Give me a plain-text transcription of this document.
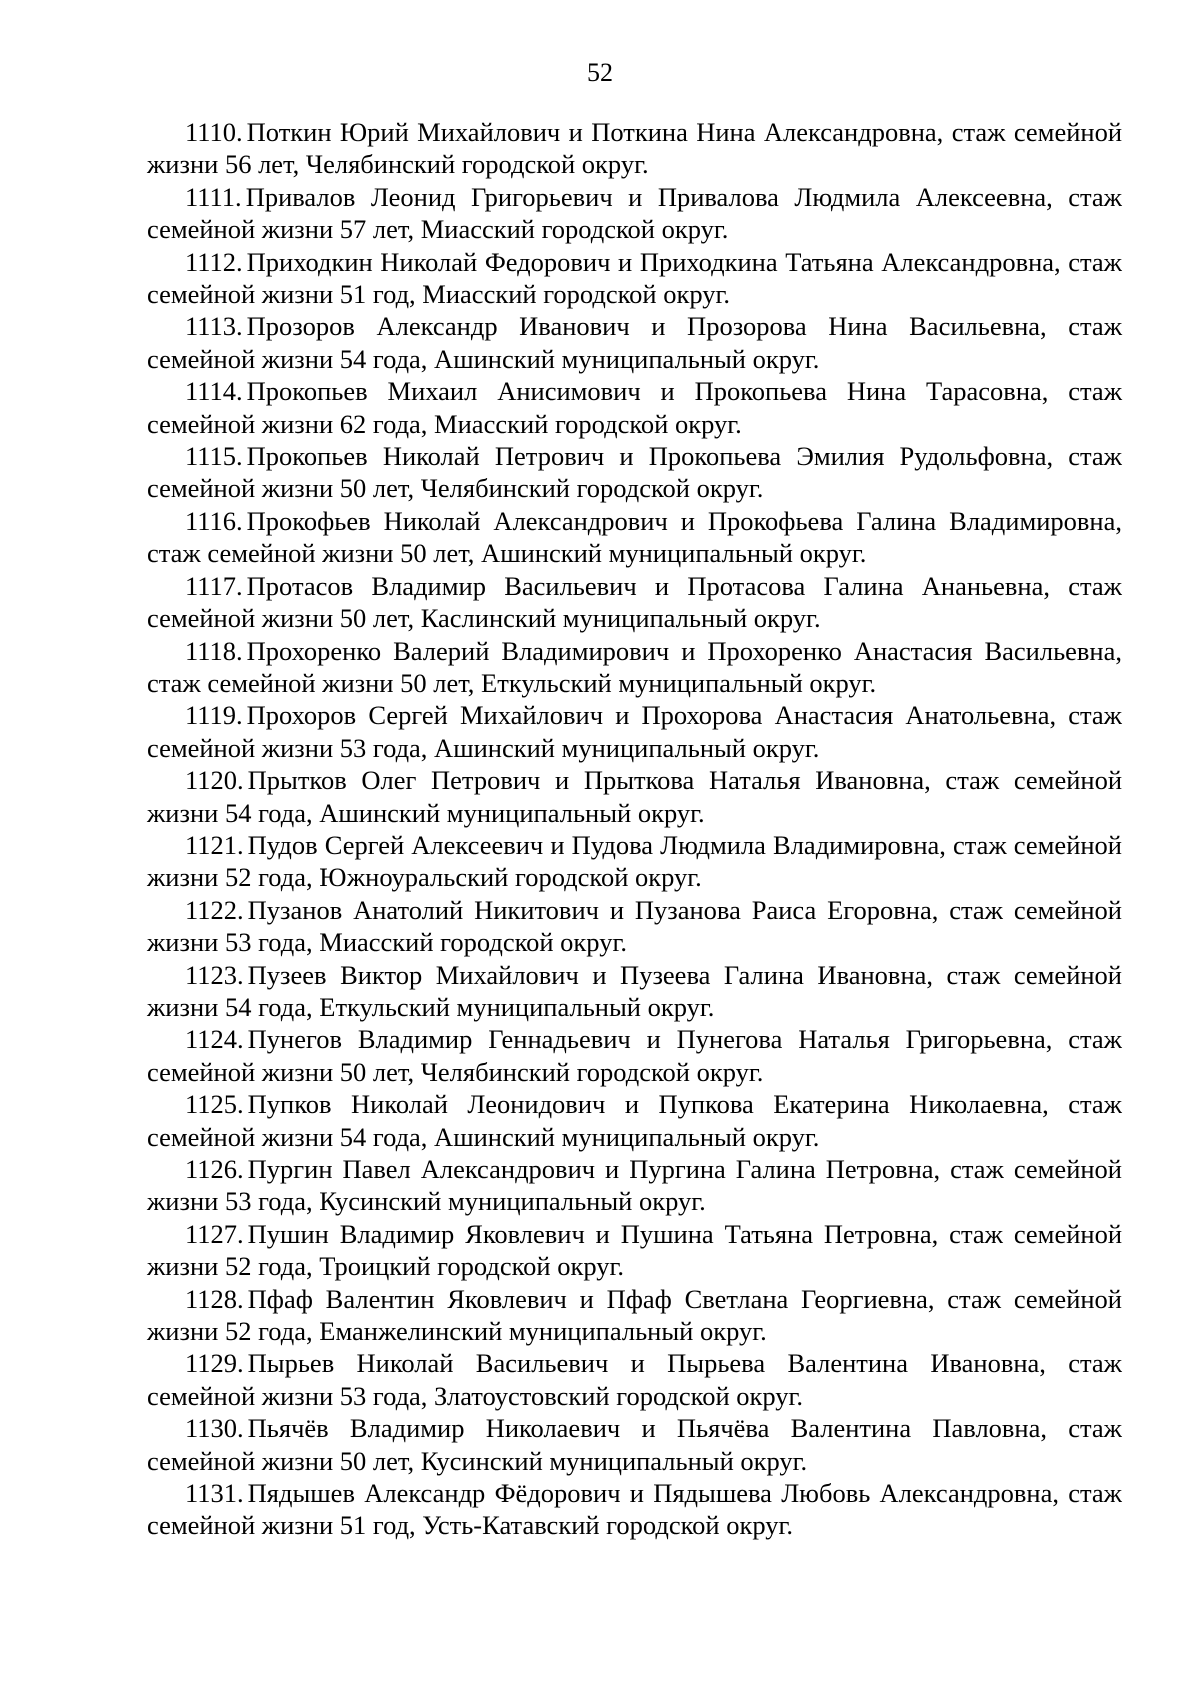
52

1110. Поткин Юрий Михайлович и Поткина Нина Александровна, стаж семейной жизни 56 лет, Челябинский городской округ.

1111. Привалов Леонид Григорьевич и Привалова Людмила Алексеевна, стаж семейной жизни 57 лет, Миасский городской округ.

1112. Приходкин Николай Федорович и Приходкина Татьяна Александровна, стаж семейной жизни 51 год, Миасский городской округ.

1113. Прозоров Александр Иванович и Прозорова Нина Васильевна, стаж семейной жизни 54 года, Ашинский муниципальный округ.

1114. Прокопьев Михаил Анисимович и Прокопьева Нина Тарасовна, стаж семейной жизни 62 года, Миасский городской округ.

1115. Прокопьев Николай Петрович и Прокопьева Эмилия Рудольфовна, стаж семейной жизни 50 лет, Челябинский городской округ.

1116. Прокофьев Николай Александрович и Прокофьева Галина Владимировна, стаж семейной жизни 50 лет, Ашинский муниципальный округ.

1117. Протасов Владимир Васильевич и Протасова Галина Ананьевна, стаж семейной жизни 50 лет, Каслинский муниципальный округ.

1118. Прохоренко Валерий Владимирович и Прохоренко Анастасия Васильевна, стаж семейной жизни 50 лет, Еткульский муниципальный округ.

1119. Прохоров Сергей Михайлович и Прохорова Анастасия Анатольевна, стаж семейной жизни 53 года, Ашинский муниципальный округ.

1120. Прытков Олег Петрович и Прыткова Наталья Ивановна, стаж семейной жизни 54 года, Ашинский муниципальный округ.

1121. Пудов Сергей Алексеевич и Пудова Людмила Владимировна, стаж семейной жизни 52 года, Южноуральский городской округ.

1122. Пузанов Анатолий Никитович и Пузанова Раиса Егоровна, стаж семейной жизни 53 года, Миасский городской округ.

1123. Пузеев Виктор Михайлович и Пузеева Галина Ивановна, стаж семейной жизни 54 года, Еткульский муниципальный округ.

1124. Пунегов Владимир Геннадьевич и Пунегова Наталья Григорьевна, стаж семейной жизни 50 лет, Челябинский городской округ.

1125. Пупков Николай Леонидович и Пупкова Екатерина Николаевна, стаж семейной жизни 54 года, Ашинский муниципальный округ.

1126. Пургин Павел Александрович и Пургина Галина Петровна, стаж семейной жизни 53 года, Кусинский муниципальный округ.

1127. Пушин Владимир Яковлевич и Пушина Татьяна Петровна, стаж семейной жизни 52 года, Троицкий городской округ.

1128. Пфаф Валентин Яковлевич и Пфаф Светлана Георгиевна, стаж семейной жизни 52 года, Еманжелинский муниципальный округ.

1129. Пырьев Николай Васильевич и Пырьева Валентина Ивановна, стаж семейной жизни 53 года, Златоустовский городской округ.

1130. Пьячёв Владимир Николаевич и Пьячёва Валентина Павловна, стаж семейной жизни 50 лет, Кусинский муниципальный округ.

1131. Пядышев Александр Фёдорович и Пядышева Любовь Александровна, стаж семейной жизни 51 год, Усть-Катавский городской округ.
